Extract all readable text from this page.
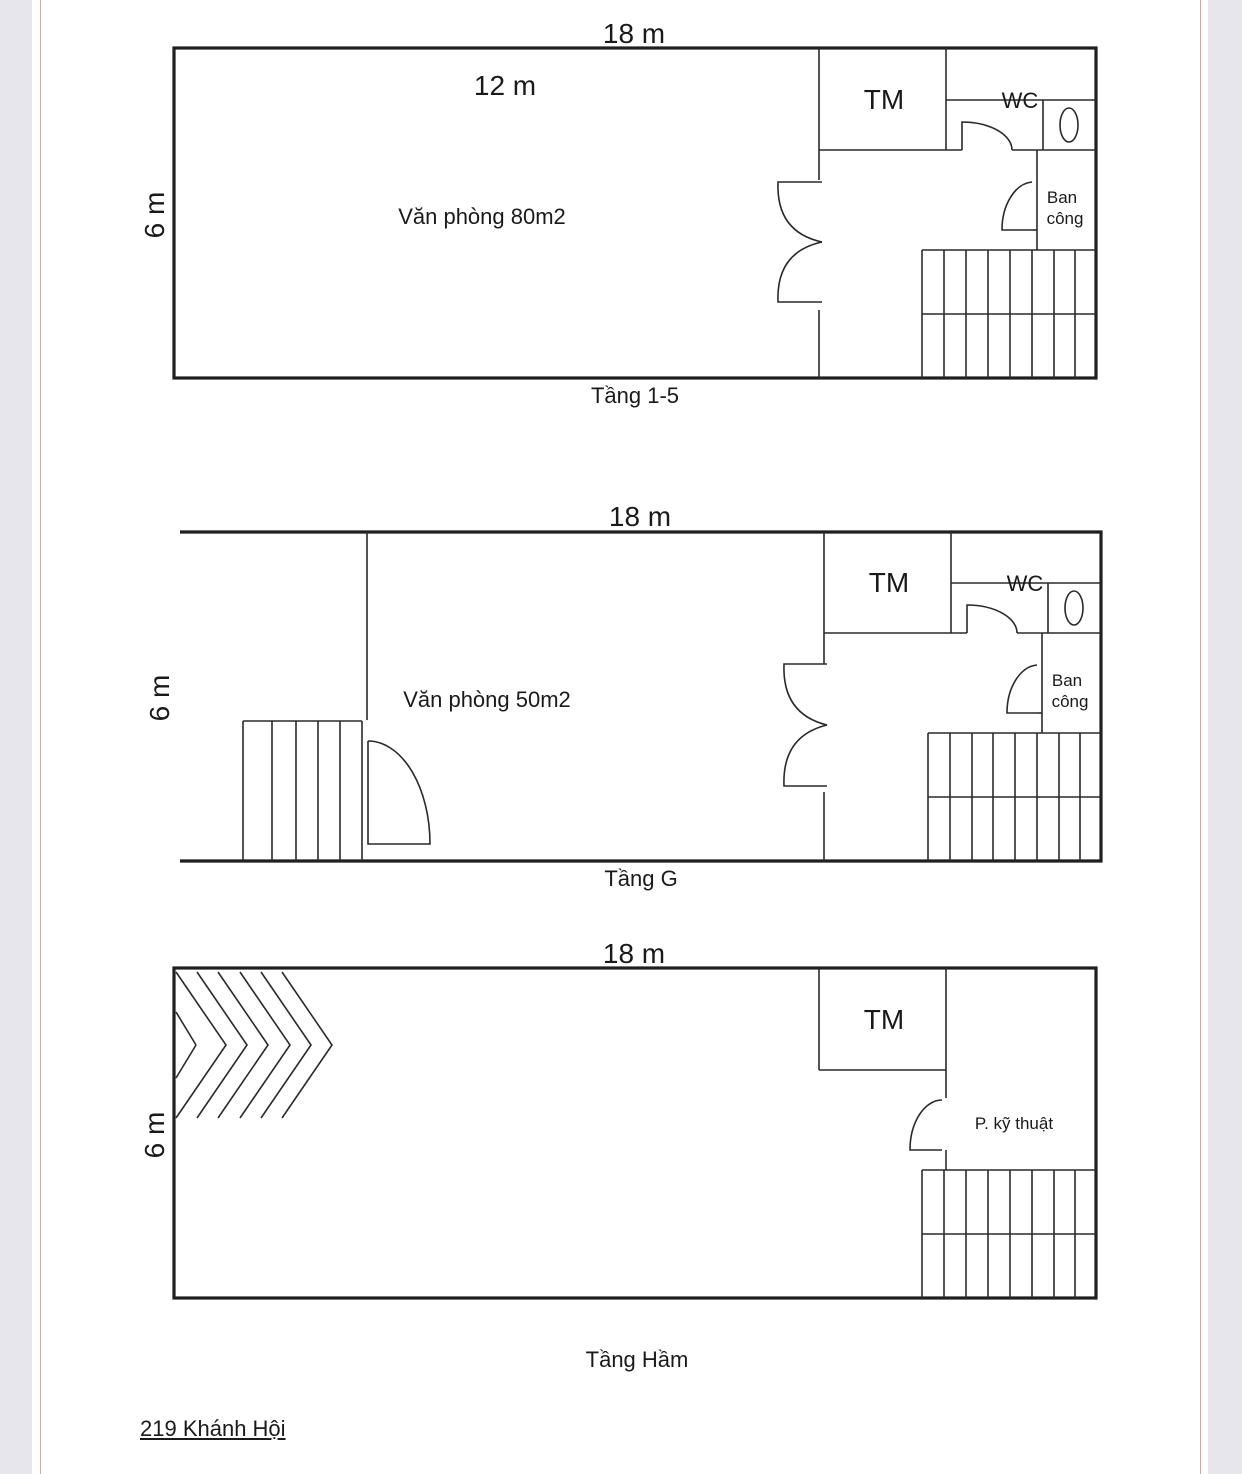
18 m
12 m
6 m	Văn phòng 80m2
TM	WC
Ban
công
Tầng 1-5
18 m
6 m	Văn phòng 50m2
TM	WC
Ban
công
Tầng G
18 m
6 m
TM
P. kỹ thuật
Tầng Hầm
219 Khánh Hội
